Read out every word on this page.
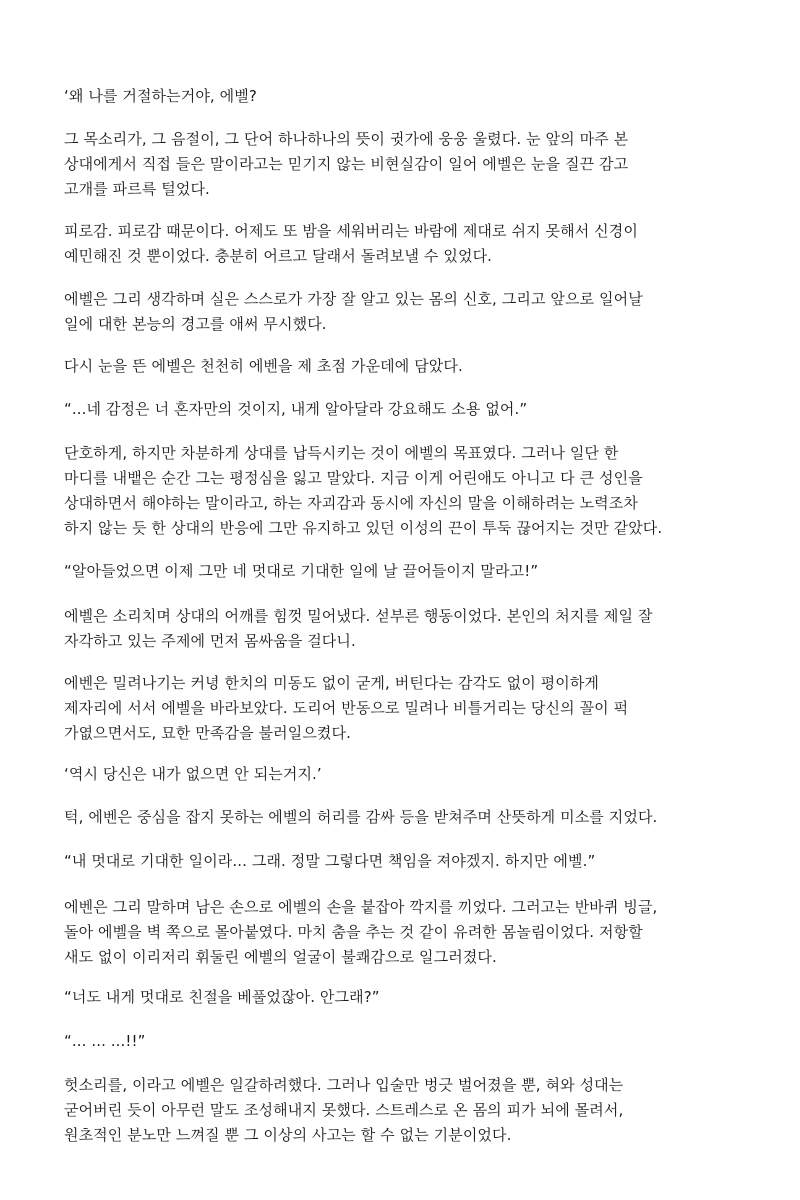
‘왜 나를 거절하는거야, 에벨?

그 목소리가, 그 음절이, 그 단어 하나하나의 뜻이 귓가에 웅웅 울렸다. 눈 앞의 마주 본
상대에게서 직접 들은 말이라고는 믿기지 않는 비현실감이 일어 에벨은 눈을 질끈 감고
고개를 파르륵 털었다.

피로감. 피로감 때문이다. 어제도 또 밤을 세워버리는 바람에 제대로 쉬지 못해서 신경이
예민해진 것 뿐이었다. 충분히 어르고 달래서 돌려보낼 수 있었다.

에벨은 그리 생각하며 실은 스스로가 가장 잘 알고 있는 몸의 신호, 그리고 앞으로 일어날
일에 대한 본능의 경고를 애써 무시했다.

다시 눈을 뜬 에벨은 천천히 에벤을 제 초점 가운데에 담았다.

“...네 감정은 너 혼자만의 것이지, 내게 알아달라 강요해도 소용 없어.”

단호하게, 하지만 차분하게 상대를 납득시키는 것이 에벨의 목표였다. 그러나 일단 한
마디를 내뱉은 순간 그는 평정심을 잃고 말았다. 지금 이게 어린애도 아니고 다 큰 성인을
상대하면서 해야하는 말이라고, 하는 자괴감과 동시에 자신의 말을 이해하려는 노력조차
하지 않는 듯 한 상대의 반응에 그만 유지하고 있던 이성의 끈이 투둑 끊어지는 것만 같았다.

“알아들었으면 이제 그만 네 멋대로 기대한 일에 날 끌어들이지 말라고!”

에벨은 소리치며 상대의 어깨를 힘껏 밀어냈다. 섣부른 행동이었다. 본인의 처지를 제일 잘
자각하고 있는 주제에 먼저 몸싸움을 걸다니.

에벤은 밀려나기는 커녕 한치의 미동도 없이 굳게, 버틴다는 감각도 없이 평이하게
제자리에 서서 에벨을 바라보았다. 도리어 반동으로 밀려나 비틀거리는 당신의 꼴이 퍽
가엾으면서도, 묘한 만족감을 불러일으켰다.

‘역시 당신은 내가 없으면 안 되는거지.’

턱, 에벤은 중심을 잡지 못하는 에벨의 허리를 감싸 등을 받쳐주며 산뜻하게 미소를 지었다.

“내 멋대로 기대한 일이라... 그래. 정말 그렇다면 책임을 져야겠지. 하지만 에벨.”

에벤은 그리 말하며 남은 손으로 에벨의 손을 붙잡아 깍지를 끼었다. 그러고는 반바퀴 빙글,
돌아 에벨을 벽 쪽으로 몰아붙였다. 마치 춤을 추는 것 같이 유려한 몸놀림이었다. 저항할
새도 없이 이리저리 휘둘린 에벨의 얼굴이 불쾌감으로 일그러졌다.

“너도 내게 멋대로 친절을 베풀었잖아. 안그래?”

“... ... ...!!”

헛소리를, 이라고 에벨은 일갈하려했다. 그러나 입술만 벙긋 벌어졌을 뿐, 혀와 성대는
굳어버린 듯이 아무런 말도 조성해내지 못했다. 스트레스로 온 몸의 피가 뇌에 몰려서,
원초적인 분노만 느껴질 뿐 그 이상의 사고는 할 수 없는 기분이었다.
